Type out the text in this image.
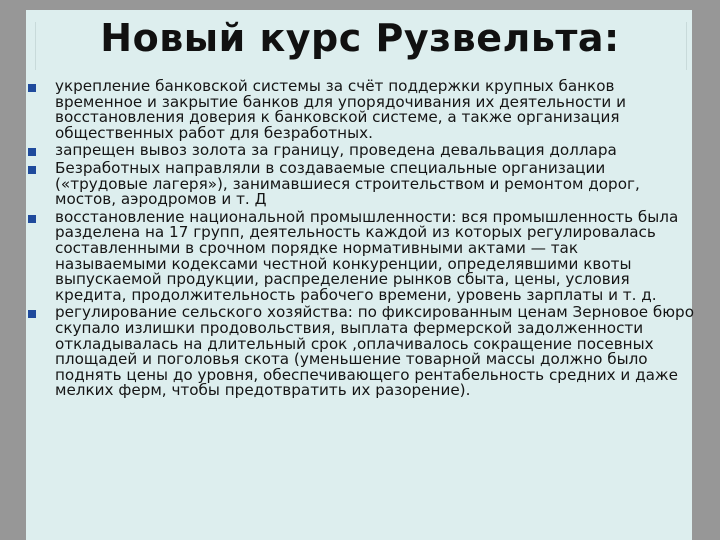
Новый курс Рузвельта:
укрепление банковской системы за счёт поддержки крупных банков временное и закрытие банков для упорядочивания их деятельности и восстановления доверия к банковской системе, а также организация общественных работ для безработных.
запрещен вывоз золота за границу, проведена девальвация доллара
Безработных направляли в создаваемые специальные организации («трудовые лагеря»), занимавшиеся строительством и ремонтом дорог, мостов, аэродромов и т. Д
восстановление национальной промышленности: вся промышленность была разделена на 17 групп, деятельность каждой из которых регулировалась составленными в срочном порядке нормативными актами — так называемыми кодексами честной конкуренции, определявшими квоты выпускаемой продукции, распределение рынков сбыта, цены, условия кредита, продолжительность рабочего времени, уровень зарплаты и т. д.
регулирование сельского хозяйства: по фиксированным ценам Зерновое бюро скупало излишки продовольствия, выплата фермерской задолженности откладывалась на длительный срок ,оплачивалось сокращение посевных площадей и поголовья скота (уменьшение товарной массы должно было поднять цены до уровня, обеспечивающего рентабельность средних и даже мелких ферм, чтобы предотвратить их разорение).
